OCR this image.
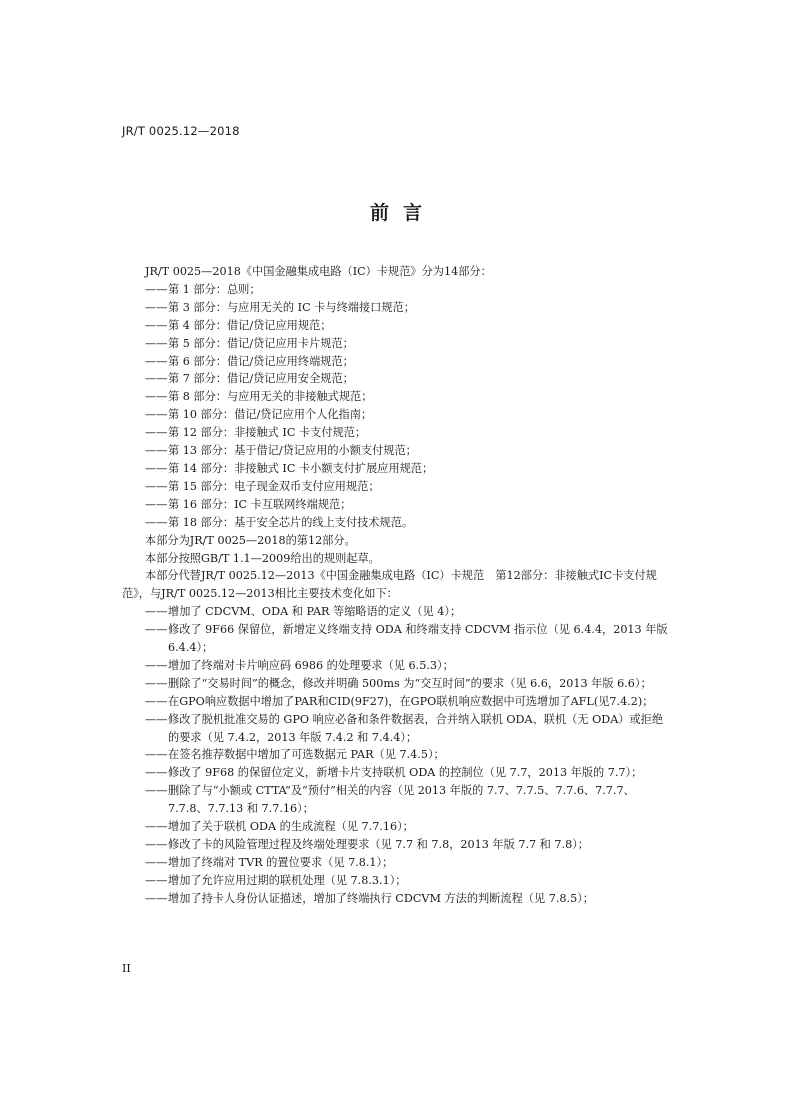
JR/T 0025.12—2018
前言

JR/T 0025—2018《中国金融集成电路（IC）卡规范》分为14部分：

—— 第 1 部分：总则；
—— 第 3 部分：与应用无关的 IC 卡与终端接口规范；
—— 第 4 部分：借记/贷记应用规范；
—— 第 5 部分：借记/贷记应用卡片规范；
—— 第 6 部分：借记/贷记应用终端规范；
—— 第 7 部分：借记/贷记应用安全规范；
—— 第 8 部分：与应用无关的非接触式规范；
—— 第 10 部分：借记/贷记应用个人化指南；
—— 第 12 部分：非接触式 IC 卡支付规范；
—— 第 13 部分：基于借记/贷记应用的小额支付规范；
—— 第 14 部分：非接触式 IC 卡小额支付扩展应用规范；
—— 第 15 部分：电子现金双币支付应用规范；
—— 第 16 部分：IC 卡互联网终端规范；
—— 第 18 部分：基于安全芯片的线上支付技术规范。

本部分为JR/T 0025—2018的第12部分。

本部分按照GB/T 1.1—2009给出的规则起草。

本部分代替JR/T 0025.12—2013《中国金融集成电路（IC）卡规范　第12部分：非接触式IC卡支付规范》，与JR/T 0025.12—2013相比主要技术变化如下：

—— 增加了 CDCVM、ODA 和 PAR 等缩略语的定义（见 4）；
—— 修改了 9F66 保留位，新增定义终端支持 ODA 和终端支持 CDCVM 指示位（见 6.4.4，2013 年版 6.4.4）；
—— 增加了终端对卡片响应码 6986 的处理要求（见 6.5.3）；
—— 删除了“交易时间”的概念，修改并明确 500ms 为“交互时间”的要求（见 6.6，2013 年版 6.6）；
—— 在GPO响应数据中增加了PAR和CID(9F27)，在GPO联机响应数据中可选增加了AFL(见7.4.2)；
—— 修改了脱机批准交易的 GPO 响应必备和条件数据表，合并纳入联机 ODA、联机（无 ODA）或拒绝的要求（见 7.4.2，2013 年版 7.4.2 和 7.4.4）；
—— 在签名推荐数据中增加了可选数据元 PAR（见 7.4.5）；
—— 修改了 9F68 的保留位定义，新增卡片支持联机 ODA 的控制位（见 7.7，2013 年版的 7.7）；
—— 删除了与“小额或 CTTA”及“预付”相关的内容（见 2013 年版的 7.7、7.7.5、7.7.6、7.7.7、7.7.8、7.7.13 和 7.7.16）；
—— 增加了关于联机 ODA 的生成流程（见 7.7.16）；
—— 修改了卡的风险管理过程及终端处理要求（见 7.7 和 7.8，2013 年版 7.7 和 7.8）；
—— 增加了终端对 TVR 的置位要求（见 7.8.1）；
—— 增加了允许应用过期的联机处理（见 7.8.3.1）；
—— 增加了持卡人身份认证描述，增加了终端执行 CDCVM 方法的判断流程（见 7.8.5）；
II
